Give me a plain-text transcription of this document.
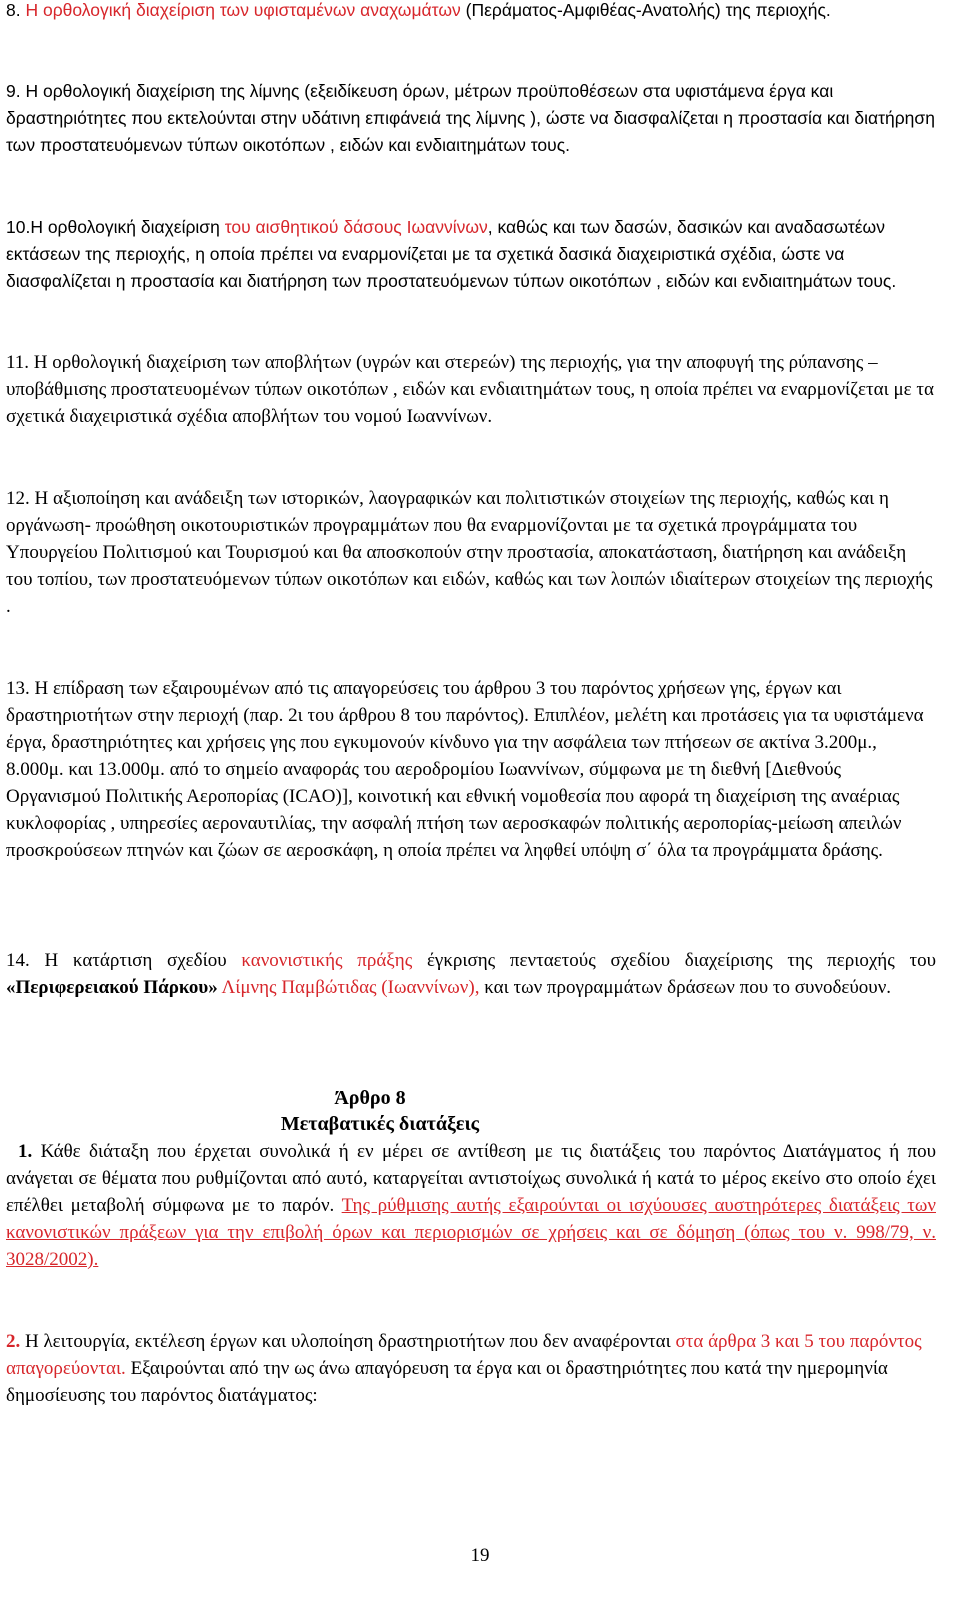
8. Η ορθολογική διαχείριση των υφισταμένων αναχωμάτων (Περάματος-Αμφιθέας-Ανατολής) της περιοχής.

9. Η ορθολογική διαχείριση της λίμνης (εξειδίκευση όρων, μέτρων προϋποθέσεων στα υφιστάμενα έργα και δραστηριότητες που εκτελούνται στην υδάτινη επιφάνειά της λίμνης ), ώστε να διασφαλίζεται η προστασία και διατήρηση των προστατευόμενων τύπων οικοτόπων , ειδών και ενδιαιτημάτων τους.

10.Η ορθολογική διαχείριση του αισθητικού δάσους Ιωαννίνων, καθώς και των δασών, δασικών και αναδασωτέων εκτάσεων της περιοχής, η οποία πρέπει να εναρμονίζεται με τα σχετικά δασικά διαχειριστικά σχέδια, ώστε να διασφαλίζεται η προστασία και διατήρηση των προστατευόμενων τύπων οικοτόπων , ειδών και ενδιαιτημάτων τους.

11. Η ορθολογική διαχείριση των αποβλήτων (υγρών και στερεών) της περιοχής, για την αποφυγή της ρύπανσης –υποβάθμισης προστατευομένων τύπων οικοτόπων , ειδών και ενδιαιτημάτων τους, η οποία πρέπει να εναρμονίζεται με τα σχετικά διαχειριστικά σχέδια αποβλήτων του νομού Ιωαννίνων.

12. Η αξιοποίηση και ανάδειξη των ιστορικών, λαογραφικών και πολιτιστικών στοιχείων της περιοχής, καθώς και η οργάνωση- προώθηση οικοτουριστικών προγραμμάτων που θα εναρμονίζονται με τα σχετικά προγράμματα του Υπουργείου Πολιτισμού και Τουρισμού και θα αποσκοπούν στην προστασία, αποκατάσταση, διατήρηση και ανάδειξη του τοπίου, των προστατευόμενων τύπων οικοτόπων και ειδών, καθώς και των λοιπών ιδιαίτερων στοιχείων της περιοχής .

13. Η επίδραση των εξαιρουμένων από τις απαγορεύσεις του άρθρου 3 του παρόντος χρήσεων γης, έργων και δραστηριοτήτων στην περιοχή (παρ. 2ι του άρθρου 8 του παρόντος). Επιπλέον, μελέτη και προτάσεις για τα υφιστάμενα έργα, δραστηριότητες και χρήσεις γης που εγκυμονούν κίνδυνο για την ασφάλεια των πτήσεων σε ακτίνα 3.200μ., 8.000μ. και 13.000μ. από το σημείο αναφοράς του αεροδρομίου Ιωαννίνων, σύμφωνα με τη διεθνή [Διεθνούς Οργανισμού Πολιτικής Αεροπορίας (ICAO)], κοινοτική και εθνική νομοθεσία που αφορά τη διαχείριση της αναέριας κυκλοφορίας , υπηρεσίες αεροναυτιλίας, την ασφαλή πτήση των αεροσκαφών πολιτικής αεροπορίας-μείωση απειλών προσκρούσεων πτηνών και ζώων σε αεροσκάφη, η οποία πρέπει να ληφθεί υπόψη σ΄ όλα τα προγράμματα δράσης.

14. Η κατάρτιση σχεδίου κανονιστικής πράξης έγκρισης πενταετούς σχεδίου διαχείρισης της περιοχής του «Περιφερειακού Πάρκου» Λίμνης Παμβώτιδας (Ιωαννίνων), και των προγραμμάτων δράσεων που το συνοδεύουν.

Άρθρο 8

Μεταβατικές διατάξεις

1. Κάθε διάταξη που έρχεται συνολικά ή εν μέρει σε αντίθεση με τις διατάξεις του παρόντος Διατάγματος ή που ανάγεται σε θέματα που ρυθμίζονται από αυτό, καταργείται αντιστοίχως συνολικά ή κατά το μέρος εκείνο στο οποίο έχει επέλθει μεταβολή σύμφωνα με το παρόν. Της ρύθμισης αυτής εξαιρούνται οι ισχύουσες αυστηρότερες διατάξεις των κανονιστικών πράξεων για την επιβολή όρων και περιορισμών σε χρήσεις και σε δόμηση (όπως του ν. 998/79, ν. 3028/2002).

2. Η λειτουργία, εκτέλεση έργων και υλοποίηση δραστηριοτήτων που δεν αναφέρονται στα άρθρα 3 και 5 του παρόντος απαγορεύονται. Εξαιρούνται από την ως άνω απαγόρευση τα έργα και οι δραστηριότητες που κατά την ημερομηνία δημοσίευσης του παρόντος διατάγματος:

19
